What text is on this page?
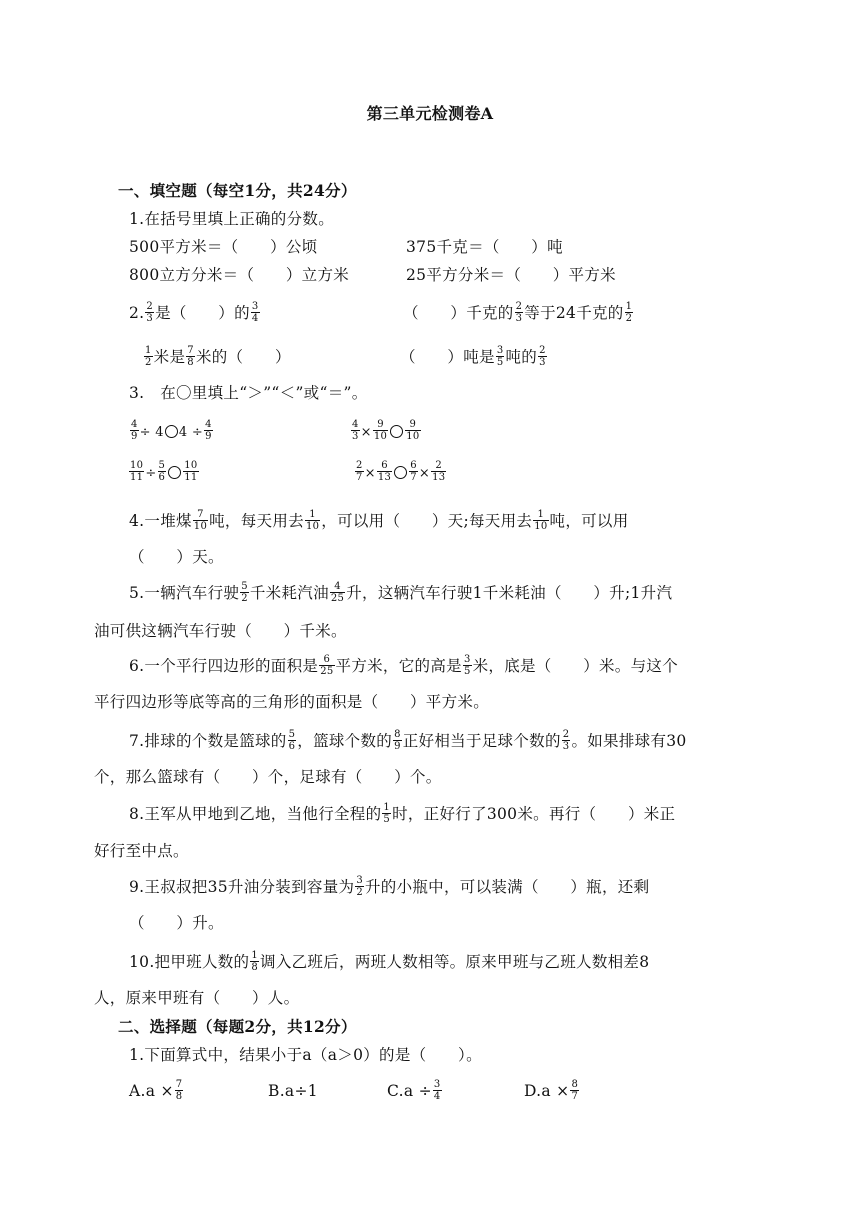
第三单元检测卷A
一、填空题（每空1分，共24分）
1.在括号里填上正确的分数。
500平方米＝（　　）公顷	375千克＝（　　）吨
800立方分米＝（　　）立方米	25平方分米＝（　　）平方米
2. $\frac{2}{3}$ 是（　　）的 $\frac{3}{4}$	（　　）千克的 $\frac{2}{3}$ 等于24千克的 $\frac{1}{2}$
$\frac{1}{2}$ 米是 $\frac{7}{8}$ 米的（　　）	（　　）吨是 $\frac{3}{5}$ 吨的 $\frac{2}{3}$
3.　在〇里填上“＞”“＜”或“＝”。
$\frac{4}{9} \div 4$ $4 \div \frac{4}{9}$	$\frac{4}{3} \times \frac{9}{10} \frac{9}{10}$
$\frac{10}{11} \div \frac{5}{6} \frac{10}{11}$	$\frac{2}{7} \times \frac{6}{13} \frac{6}{7} \times \frac{2}{13}$
4.一堆煤 $\frac{7}{10}$ 吨，每天用去 $\frac{1}{10}$ ，可以用（　　）天;每天用去 $\frac{1}{10}$ 吨，可以用
（　　）天。
5.一辆汽车行驶 $\frac{5}{2}$ 千米耗汽油 $\frac{4}{25}$ 升，这辆汽车行驶1千米耗油（　　）升;1升汽
油可供这辆汽车行驶（　　）千米。
6.一个平行四边形的面积是 $\frac{6}{25}$ 平方米，它的高是 $\frac{3}{5}$ 米，底是（　　）米。与这个
平行四边形等底等高的三角形的面积是（　　）平方米。
7.排球的个数是篮球的 $\frac{5}{6}$ ，篮球个数的 $\frac{8}{9}$ 正好相当于足球个数的 $\frac{2}{3}$ 。如果排球有30
个，那么篮球有（　　）个，足球有（　　）个。
8.王军从甲地到乙地，当他行全程的 $\frac{1}{5}$ 时，正好行了300米。再行（　　）米正
好行至中点。
9.王叔叔把35升油分装到容量为 $\frac{3}{2}$ 升的小瓶中，可以装满（　　）瓶，还剩
（　　）升。
10.把甲班人数的 $\frac{1}{8}$ 调入乙班后，两班人数相等。原来甲班与乙班人数相差8
人，原来甲班有（　　）人。
二、选择题（每题2分，共12分）
1.下面算式中，结果小于a（a＞0）的是（　　）。
$A.a \times \frac{7}{8}$	B.a÷1	$C.a \div \frac{3}{4}$	$D.a \times \frac{8}{7}$
